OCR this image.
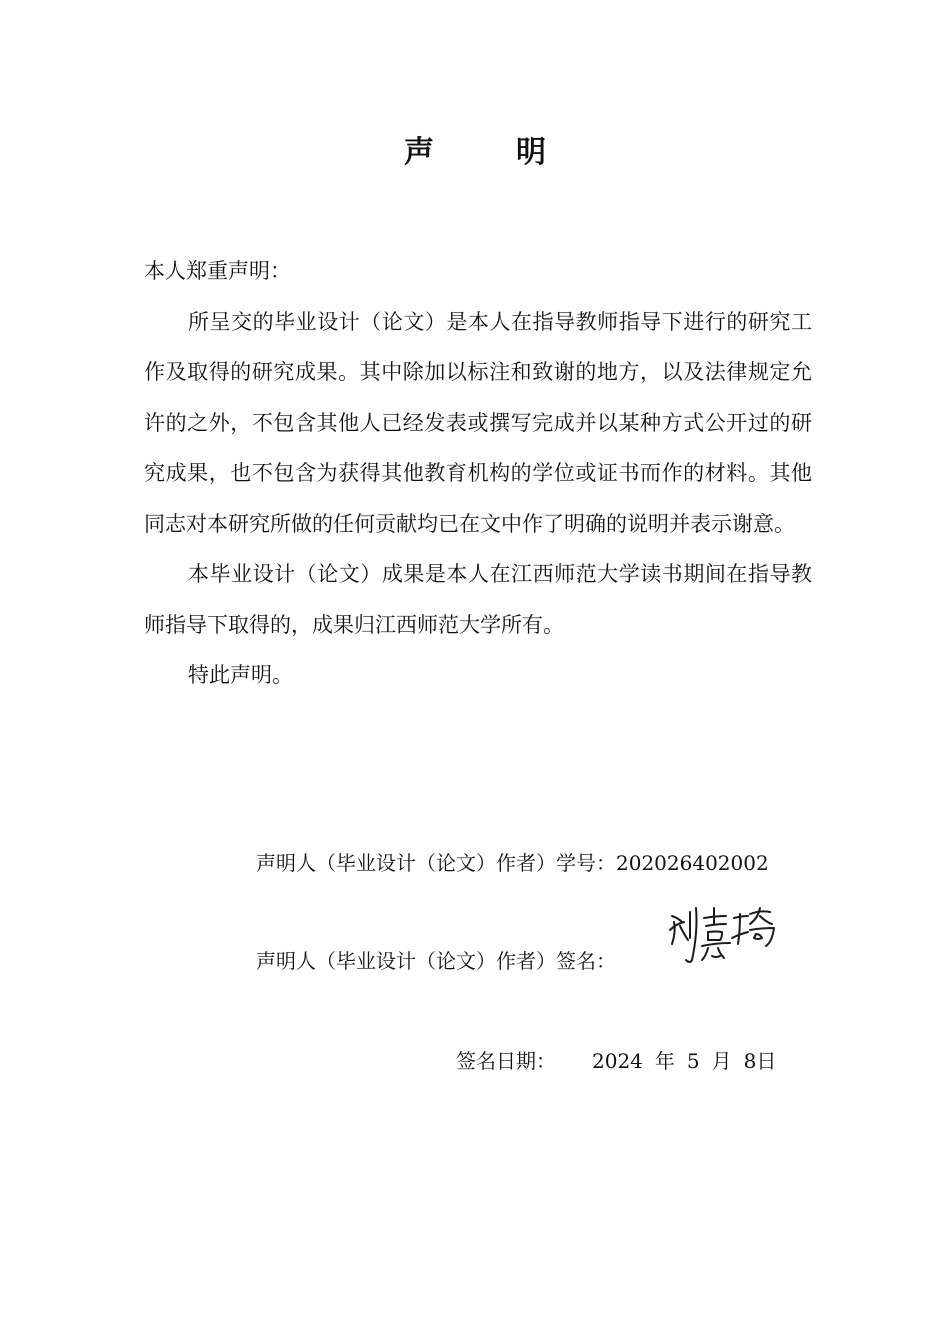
声	明

本人郑重声明：

所呈交的毕业设计（论文）是本人在指导教师指导下进行的研究工作及取得的研究成果。其中除加以标注和致谢的地方，以及法律规定允许的之外，不包含其他人已经发表或撰写完成并以某种方式公开过的研究成果，也不包含为获得其他教育机构的学位或证书而作的材料。其他同志对本研究所做的任何贡献均已在文中作了明确的说明并表示谢意。

本毕业设计（论文）成果是本人在江西师范大学读书期间在指导教师指导下取得的，成果归江西师范大学所有。

特此声明。

声明人（毕业设计（论文）作者）学号：202026402002
声明人（毕业设计（论文）作者）签名：
签名日期： 2024 年 5 月 8日
